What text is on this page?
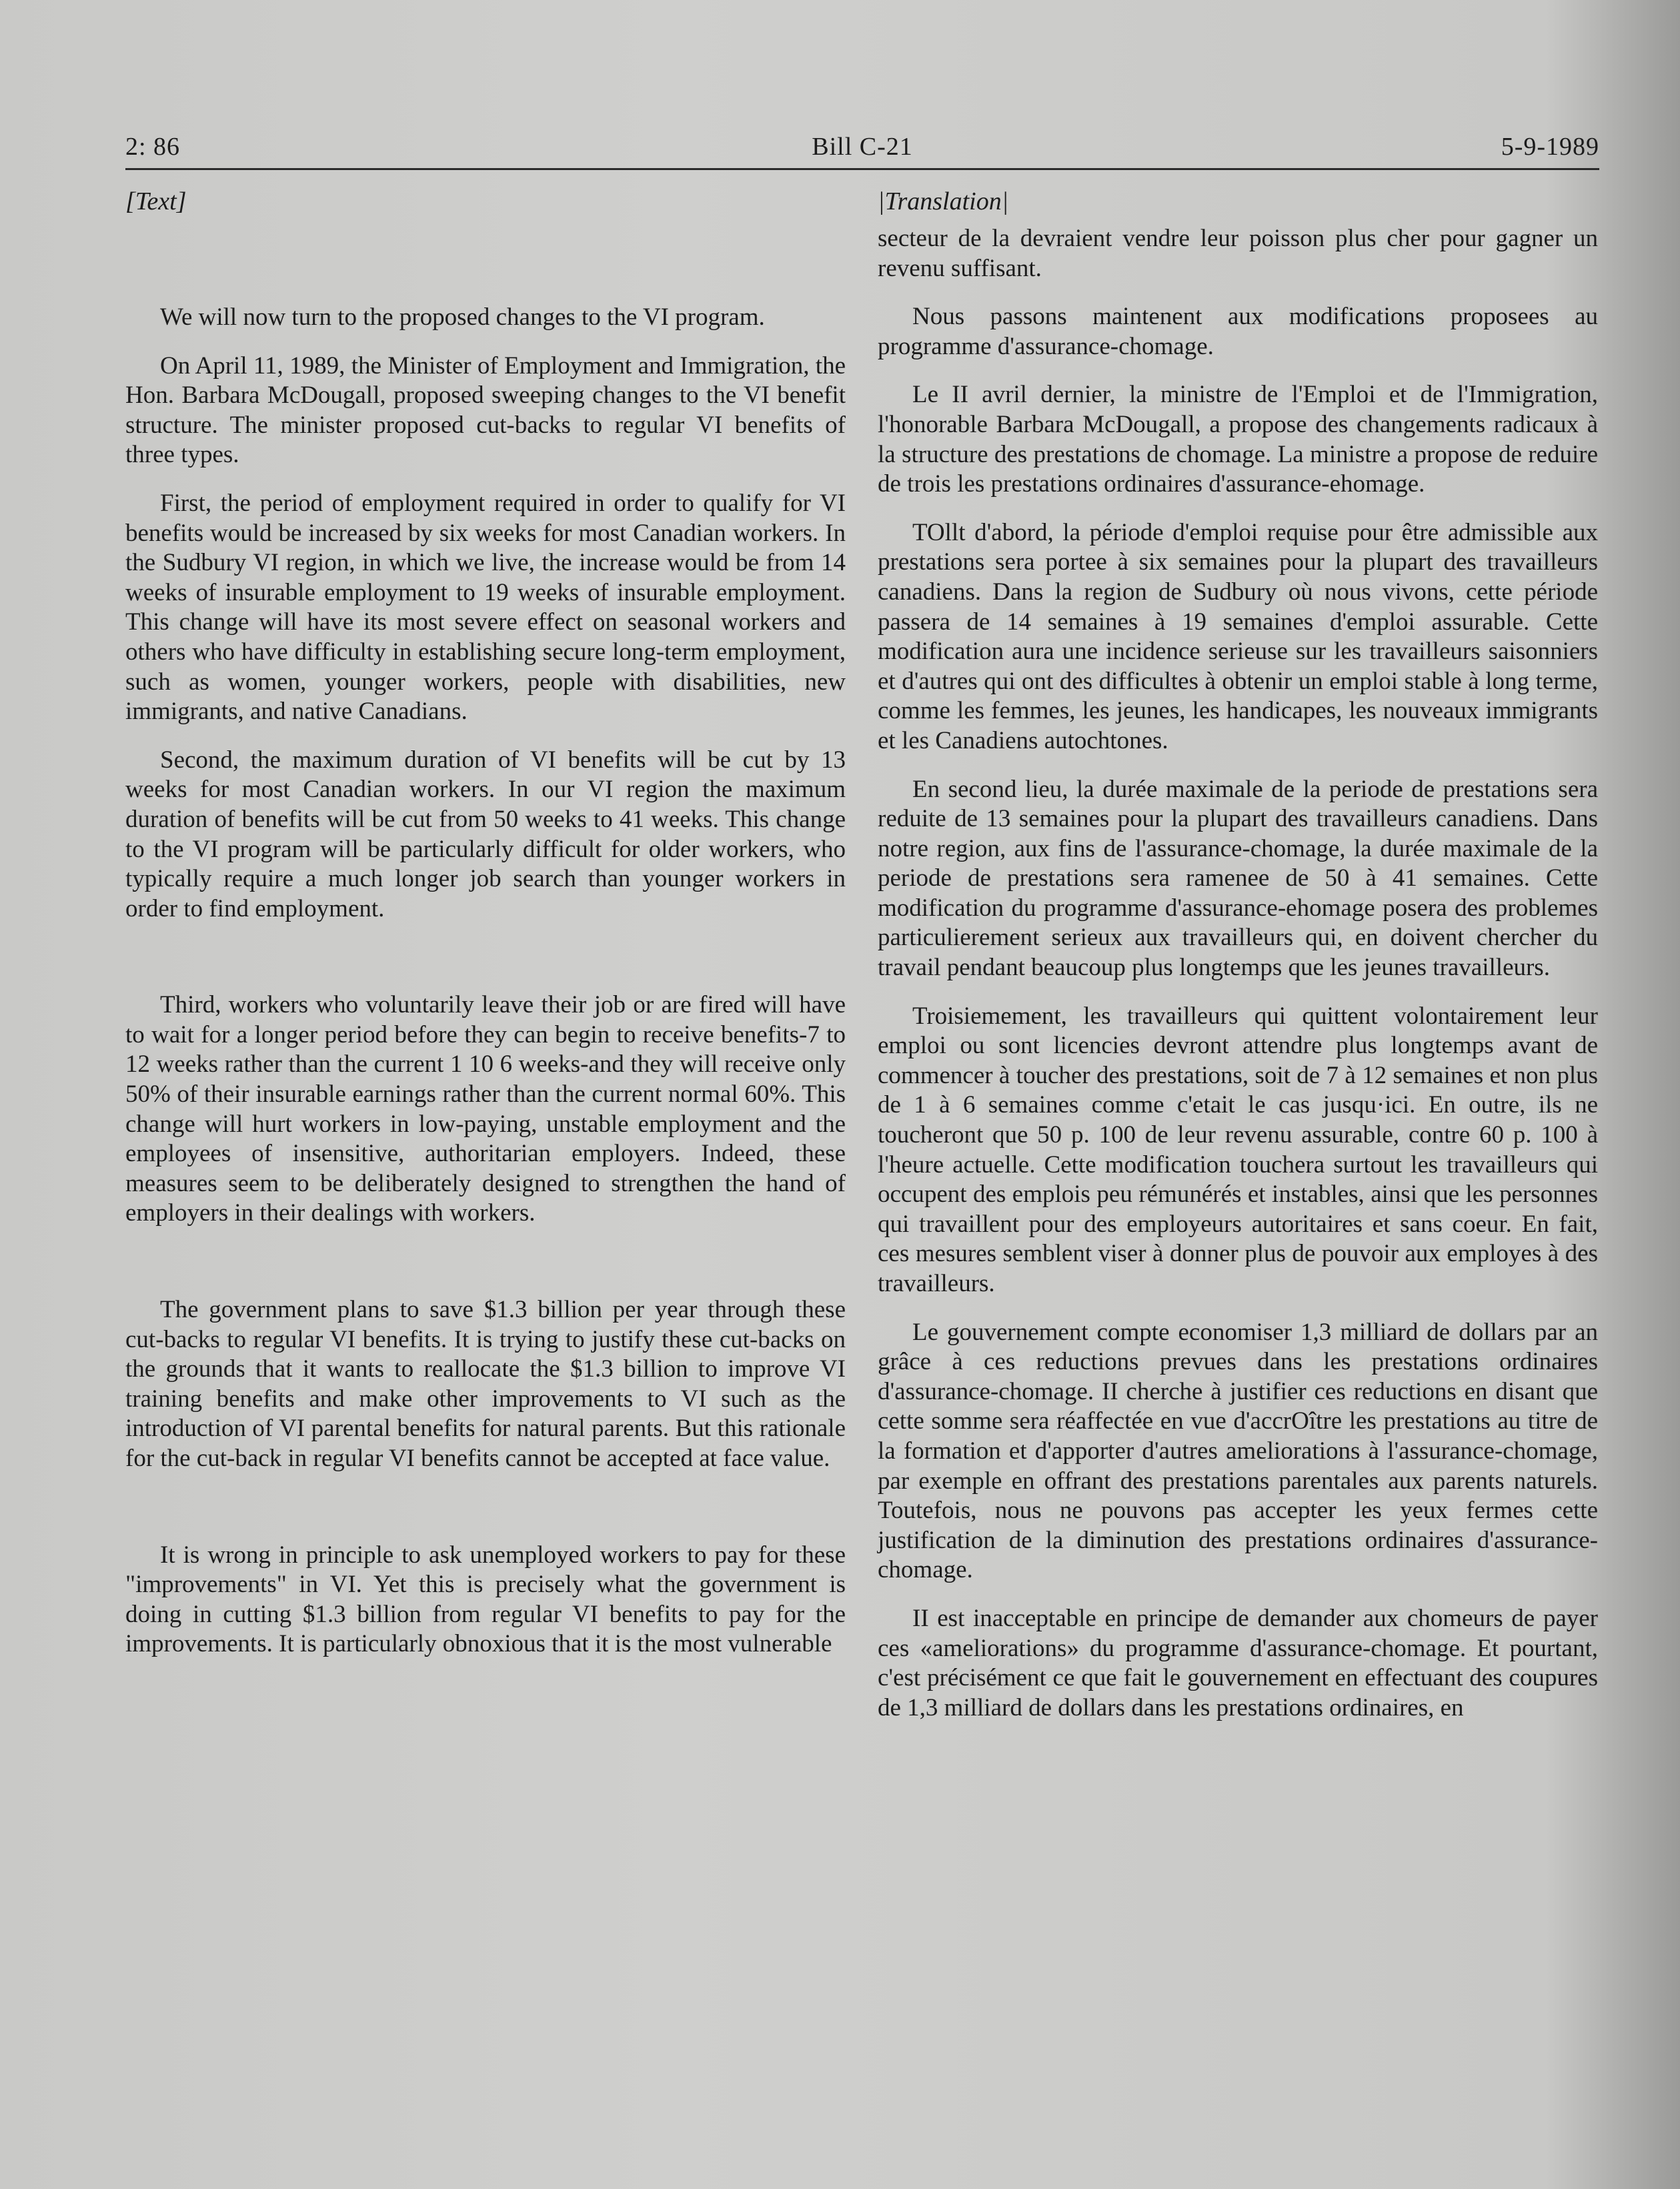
2: 86	Bill C-21	5-9-1989
[Text]

We will now turn to the proposed changes to the VI program.

On April 11, 1989, the Minister of Employment and Immigration, the Hon. Barbara McDougall, proposed sweeping changes to the VI benefit structure. The minister proposed cut-backs to regular VI benefits of three types.

First, the period of employment required in order to qualify for VI benefits would be increased by six weeks for most Canadian workers. In the Sudbury VI region, in which we live, the increase would be from 14 weeks of insurable employment to 19 weeks of insurable employment. This change will have its most severe effect on seasonal workers and others who have difficulty in establishing secure long-term employment, such as women, younger workers, people with disabilities, new immigrants, and native Canadians.

Second, the maximum duration of VI benefits will be cut by 13 weeks for most Canadian workers. In our VI region the maximum duration of benefits will be cut from 50 weeks to 41 weeks. This change to the VI program will be particularly difficult for older workers, who typically require a much longer job search than younger workers in order to find employment.

Third, workers who voluntarily leave their job or are fired will have to wait for a longer period before they can begin to receive benefits-7 to 12 weeks rather than the current 1 10 6 weeks-and they will receive only 50% of their insurable earnings rather than the current normal 60%. This change will hurt workers in low-paying, unstable employment and the employees of insensitive, authoritarian employers. Indeed, these measures seem to be deliberately designed to strengthen the hand of employers in their dealings with workers.

The government plans to save $1.3 billion per year through these cut-backs to regular VI benefits. It is trying to justify these cut-backs on the grounds that it wants to reallocate the $1.3 billion to improve VI training benefits and make other improvements to VI such as the introduction of VI parental benefits for natural parents. But this rationale for the cut-back in regular VI benefits cannot be accepted at face value.

It is wrong in principle to ask unemployed workers to pay for these "improvements" in VI. Yet this is precisely what the government is doing in cutting $1.3 billion from regular VI benefits to pay for the improvements. It is particularly obnoxious that it is the most vulnerable

|Translation|

secteur de la devraient vendre leur poisson plus cher pour gagner un revenu suffisant.

Nous passons maintenent aux modifications proposees au programme d'assurance-chomage.

Le II avril dernier, la ministre de l'Emploi et de l'Immigration, l'honorable Barbara McDougall, a propose des changements radicaux à la structure des prestations de chomage. La ministre a propose de reduire de trois les prestations ordinaires d'assurance-ehomage.

TOllt d'abord, la période d'emploi requise pour être admissible aux prestations sera portee à six semaines pour la plupart des travailleurs canadiens. Dans la region de Sudbury où nous vivons, cette période passera de 14 semaines à 19 semaines d'emploi assurable. Cette modification aura une incidence serieuse sur les travailleurs saisonniers et d'autres qui ont des difficultes à obtenir un emploi stable à long terme, comme les femmes, les jeunes, les handicapes, les nouveaux immigrants et les Canadiens autochtones.

En second lieu, la durée maximale de la periode de prestations sera reduite de 13 semaines pour la plupart des travailleurs canadiens. Dans notre region, aux fins de l'assurance-chomage, la durée maximale de la periode de prestations sera ramenee de 50 à 41 semaines. Cette modification du programme d'assurance-ehomage posera des problemes particulierement serieux aux travailleurs qui, en doivent chercher du travail pendant beaucoup plus longtemps que les jeunes travailleurs.

Troisiemement, les travailleurs qui quittent volontairement leur emploi ou sont licencies devront attendre plus longtemps avant de commencer à toucher des prestations, soit de 7 à 12 semaines et non plus de 1 à 6 semaines comme c'etait le cas jusqu·ici. En outre, ils ne toucheront que 50 p. 100 de leur revenu assurable, contre 60 p. 100 à l'heure actuelle. Cette modification touchera surtout les travailleurs qui occupent des emplois peu rémunérés et instables, ainsi que les personnes qui travaillent pour des employeurs autoritaires et sans coeur. En fait, ces mesures semblent viser à donner plus de pouvoir aux employes à des travailleurs.

Le gouvernement compte economiser 1,3 milliard de dollars par an grâce à ces reductions prevues dans les prestations ordinaires d'assurance-chomage. II cherche à justifier ces reductions en disant que cette somme sera réaffectée en vue d'accrOître les prestations au titre de la formation et d'apporter d'autres ameliorations à l'assurance-chomage, par exemple en offrant des prestations parentales aux parents naturels. Toutefois, nous ne pouvons pas accepter les yeux fermes cette justification de la diminution des prestations ordinaires d'assurance-chomage.

II est inacceptable en principe de demander aux chomeurs de payer ces «ameliorations» du programme d'assurance-chomage. Et pourtant, c'est précisément ce que fait le gouvernement en effectuant des coupures de 1,3 milliard de dollars dans les prestations ordinaires, en
